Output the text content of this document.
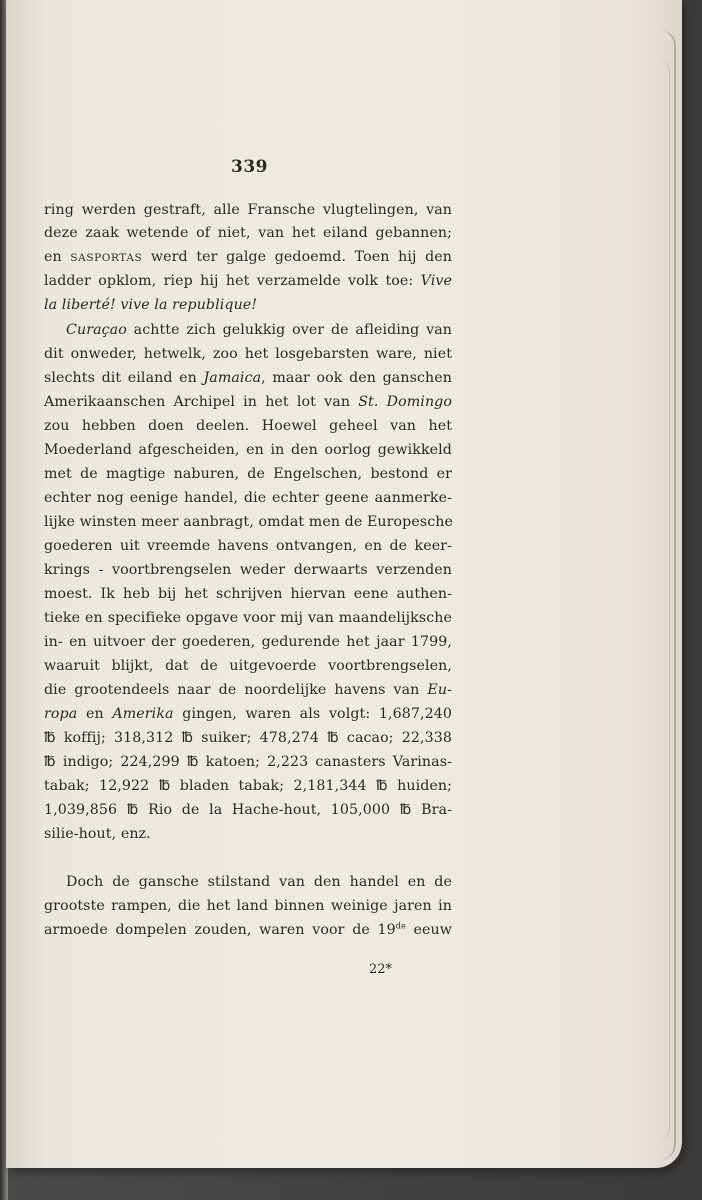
339
ring werden gestraft, alle Fransche vlugtelingen, van
deze zaak wetende of niet, van het eiland gebannen;
en SASPORTAS werd ter galge gedoemd. Toen hij den
ladder opklom, riep hij het verzamelde volk toe: Vive
la liberté! vive la republique!
Curaçao achtte zich gelukkig over de afleiding van
dit onweder, hetwelk, zoo het losgebarsten ware, niet
slechts dit eiland en Jamaica, maar ook den ganschen
Amerikaanschen Archipel in het lot van St. Domingo
zou hebben doen deelen. Hoewel geheel van het
Moederland afgescheiden, en in den oorlog gewikkeld
met de magtige naburen, de Engelschen, bestond er
echter nog eenige handel, die echter geene aanmerke-
lijke winsten meer aanbragt, omdat men de Europesche
goederen uit vreemde havens ontvangen, en de keer-
krings - voortbrengselen weder derwaarts verzenden
moest. Ik heb bij het schrijven hiervan eene authen-
tieke en specifieke opgave voor mij van maandelijksche
in- en uitvoer der goederen, gedurende het jaar 1799,
waaruit blijkt, dat de uitgevoerde voortbrengselen,
die grootendeels naar de noordelijke havens van Eu-
ropa en Amerika gingen, waren als volgt: 1,687,240
℔ koffij; 318,312 ℔ suiker; 478,274 ℔ cacao; 22,338
℔ indigo; 224,299 ℔ katoen; 2,223 canasters Varinas-
tabak; 12,922 ℔ bladen tabak; 2,181,344 ℔ huiden;
1,039,856 ℔ Rio de la Hache-hout, 105,000 ℔ Bra-
silie-hout, enz.
Doch de gansche stilstand van den handel en de
grootste rampen, die het land binnen weinige jaren in
armoede dompelen zouden, waren voor de 19de eeuw
22*
